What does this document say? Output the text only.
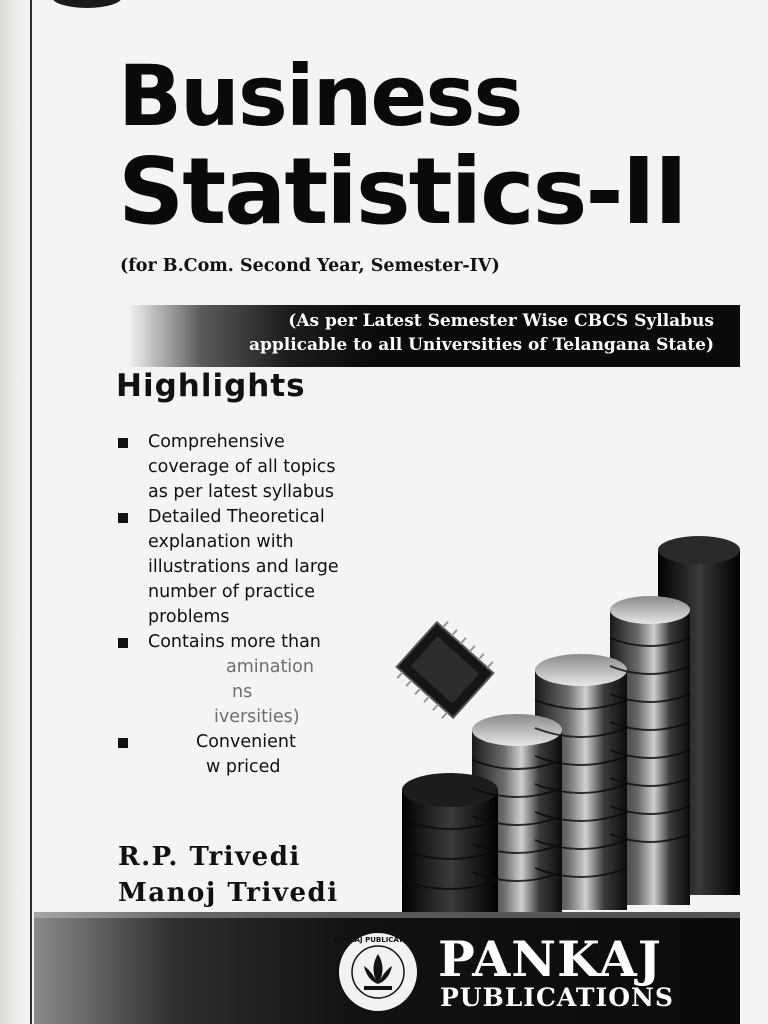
Business
Statistics-II

(for B.Com. Second Year, Semester-IV)

(As per Latest Semester Wise CBCS Syllabus
applicable to all Universities of Telangana State)
Highlights
Comprehensive
coverage of all topics
as per latest syllabus
Detailed Theoretical
explanation with
illustrations and large
number of practice
problems
Contains more than
amination
ns
iversities)
Convenient
w priced

R.P. Trivedi

Manoj Trivedi

PANKAJ PUBLICATIONS PANKAJ

PUBLICATIONS
